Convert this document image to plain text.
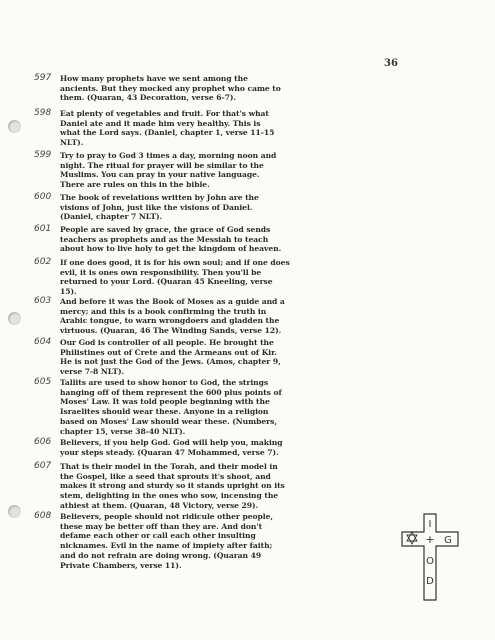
36
597	How many prophets have we sent among the
ancients. But they mocked any prophet who came to
them. (Quaran, 43 Decoration, verse 6-7).
598	Eat plenty of vegetables and fruit. For that's what
Daniel ate and it made him very healthy. This is
what the Lord says. (Daniel, chapter 1, verse 11-15
NLT).
599	Try to pray to God 3 times a day, morning noon and
night. The ritual for prayer will be similar to the
Muslims. You can pray in your native language.
There are rules on this in the bible.
600	The book of revelations written by John are the
visions of John, just like the visions of Daniel.
(Daniel, chapter 7 NLT).
601	People are saved by grace, the grace of God sends
teachers as prophets and as the Messiah to teach
about how to live holy to get the kingdom of heaven.
602	If one does good, it is for his own soul; and if one does
evil, it is ones own responsibility. Then you'll be
returned to your Lord. (Quaran 45 Kneeling, verse
15).
603	And before it was the Book of Moses as a guide and a
mercy; and this is a book confirming the truth in
Arabic tongue, to warn wrongdoers and gladden the
virtuous. (Quaran, 46 The Winding Sands, verse 12).
604	Our God is controller of all people. He brought the
Philistines out of Crete and the Armeans out of Kir.
He is not just the God of the Jews. (Amos, chapter 9,
verse 7-8 NLT).
605	Tallits are used to show honor to God, the strings
hanging off of them represent the 600 plus points of
Moses' Law. It was told people beginning with the
Israelites should wear these. Anyone in a religion
based on Moses' Law should wear these. (Numbers,
chapter 15, verse 38-40 NLT).
606	Believers, if you help God. God will help you, making
your steps steady. (Quaran 47 Mohammed, verse 7).
607	That is their model in the Torah, and their model in
the Gospel, like a seed that sprouts it's shoot, and
makes it strong and sturdy so it stands upright on its
stem, delighting in the ones who sow, incensing the
athiest at them. (Quaran, 48 Victory, verse 29).
608	Believers, people should not ridicule other people,
these may be better off than they are. And don't
defame each other or call each other insulting
nicknames. Evil in the name of impiety after faith;
and do not refrain are doing wrong. (Quaran 49
Private Chambers, verse 11).
I
+ G
O
D
